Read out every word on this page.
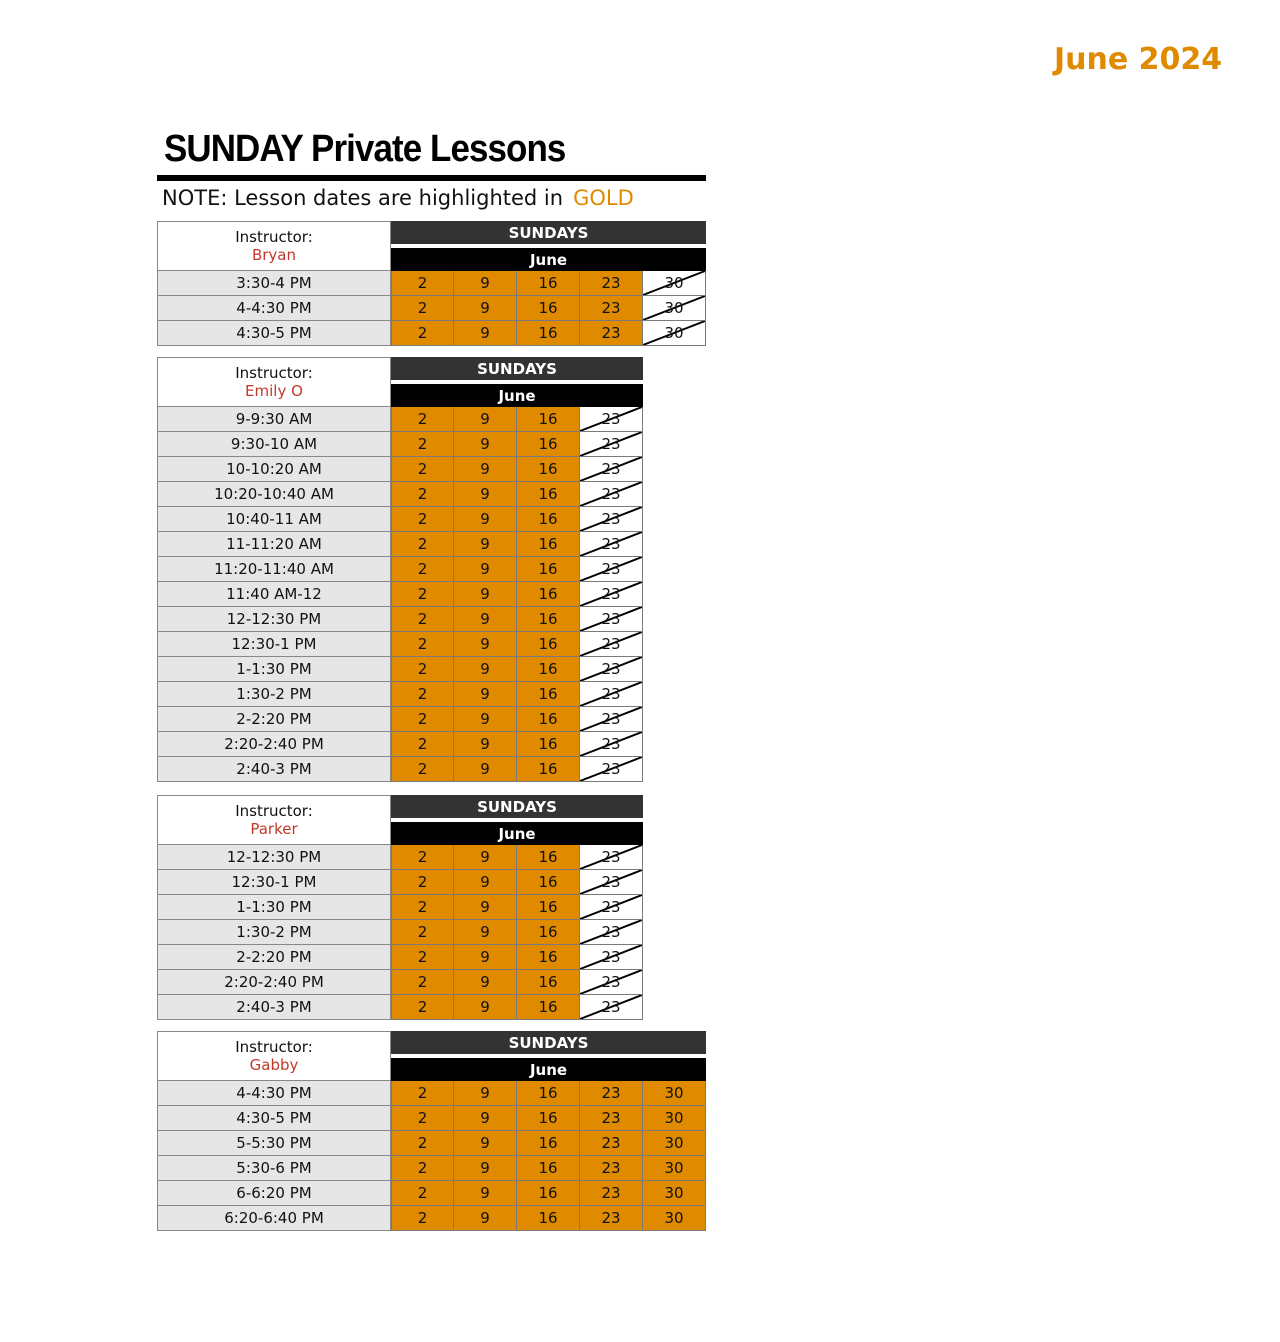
June 2024
SUNDAY Private Lessons
NOTE: Lesson dates are highlighted in GOLD
Instructor:
Bryan
SUNDAYS
June
3:30-4 PM	2	9	16	23	30
4-4:30 PM	2	9	16	23	30
4:30-5 PM	2	9	16	23	30
Instructor:
Emily O
SUNDAYS
June
9-9:30 AM	2	9	16	23
9:30-10 AM	2	9	16	23
10-10:20 AM	2	9	16	23
10:20-10:40 AM	2	9	16	23
10:40-11 AM	2	9	16	23
11-11:20 AM	2	9	16	23
11:20-11:40 AM	2	9	16	23
11:40 AM-12	2	9	16	23
12-12:30 PM	2	9	16	23
12:30-1 PM	2	9	16	23
1-1:30 PM	2	9	16	23
1:30-2 PM	2	9	16	23
2-2:20 PM	2	9	16	23
2:20-2:40 PM	2	9	16	23
2:40-3 PM	2	9	16	23
Instructor:
Parker
SUNDAYS
June
12-12:30 PM	2	9	16	23
12:30-1 PM	2	9	16	23
1-1:30 PM	2	9	16	23
1:30-2 PM	2	9	16	23
2-2:20 PM	2	9	16	23
2:20-2:40 PM	2	9	16	23
2:40-3 PM	2	9	16	23
Instructor:
Gabby
SUNDAYS
June
4-4:30 PM	2	9	16	23	30
4:30-5 PM	2	9	16	23	30
5-5:30 PM	2	9	16	23	30
5:30-6 PM	2	9	16	23	30
6-6:20 PM	2	9	16	23	30
6:20-6:40 PM	2	9	16	23	30
